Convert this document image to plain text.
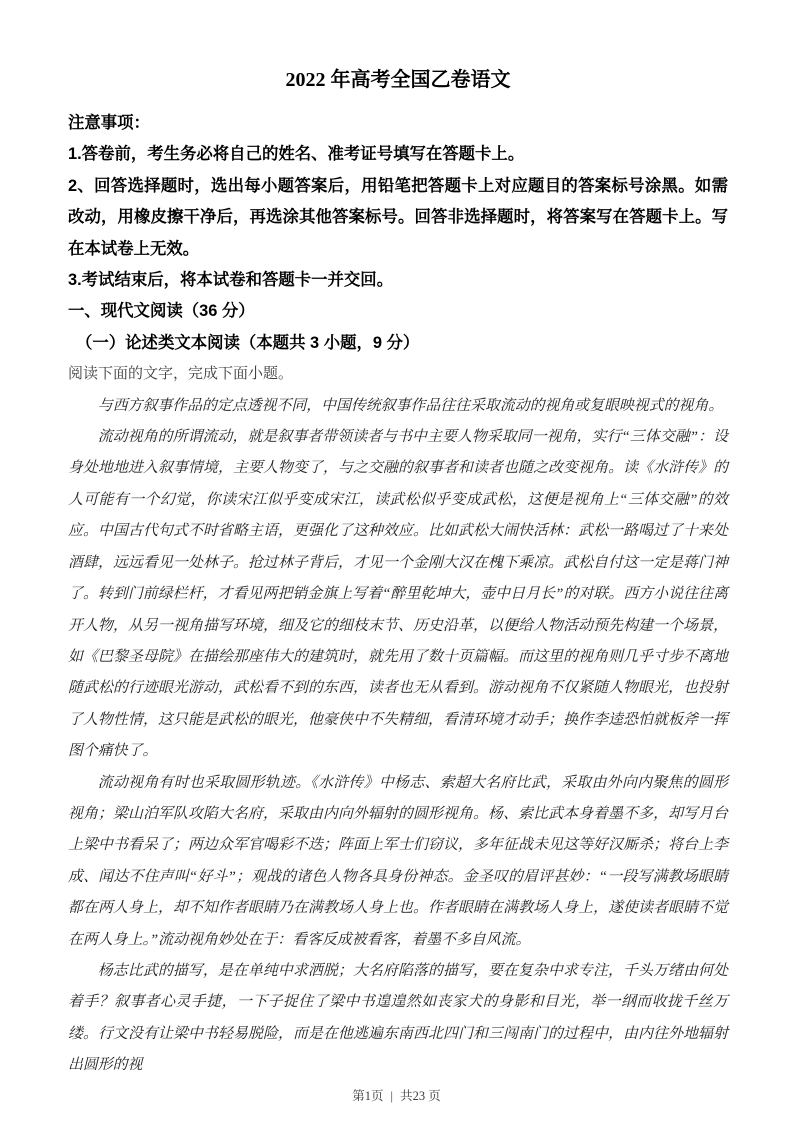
2022 年高考全国乙卷语文

注意事项：

1.答卷前，考生务必将自己的姓名、准考证号填写在答题卡上。

2、回答选择题时，选出每小题答案后，用铅笔把答题卡上对应题目的答案标号涂黑。如需改动，用橡皮擦干净后，再选涂其他答案标号。回答非选择题时，将答案写在答题卡上。写在本试卷上无效。

3.考试结束后，将本试卷和答题卡一并交回。

一、现代文阅读（36 分）

（一）论述类文本阅读（本题共 3 小题，9 分）

阅读下面的文字，完成下面小题。

与西方叙事作品的定点透视不同，中国传统叙事作品往往采取流动的视角或复眼映视式的视角。

流动视角的所谓流动，就是叙事者带领读者与书中主要人物采取同一视角，实行“三体交融”：设身处地地进入叙事情境，主要人物变了，与之交融的叙事者和读者也随之改变视角。读《水浒传》的人可能有一个幻觉，你读宋江似乎变成宋江，读武松似乎变成武松，这便是视角上“三体交融”的效应。中国古代句式不时省略主语，更强化了这种效应。比如武松大闹快活林：武松一路喝过了十来处酒肆，远远看见一处林子。抢过林子背后，才见一个金刚大汉在槐下乘凉。武松自付这一定是蒋门神了。转到门前绿栏杆，才看见两把销金旗上写着“醉里乾坤大，壶中日月长”的对联。西方小说往往离开人物，从另一视角描写环境，细及它的细枝末节、历史沿革，以便给人物活动预先构建一个场景，如《巴黎圣母院》在描绘那座伟大的建筑时，就先用了数十页篇幅。而这里的视角则几乎寸步不离地随武松的行迹眼光游动，武松看不到的东西，读者也无从看到。游动视角不仅紧随人物眼光，也投射了人物性情，这只能是武松的眼光，他豪侠中不失精细，看清环境才动手；换作李逵恐怕就板斧一挥图个痛快了。

流动视角有时也采取圆形轨迹。《水浒传》中杨志、索超大名府比武，采取由外向内聚焦的圆形视角；梁山泊军队攻陷大名府，采取由内向外辐射的圆形视角。杨、索比武本身着墨不多，却写月台上梁中书看呆了；两边众军官喝彩不迭；阵面上军士们窃议，多年征战未见这等好汉厮杀；将台上李成、闻达不住声叫“好斗”；观战的诸色人物各具身份神态。金圣叹的眉评甚妙：“一段写满教场眼睛都在两人身上，却不知作者眼睛乃在满教场人身上也。作者眼睛在满教场人身上，遂使读者眼睛不觉在两人身上。”流动视角妙处在于：看客反成被看客，着墨不多自风流。

杨志比武的描写，是在单纯中求洒脱；大名府陷落的描写，要在复杂中求专注，千头万绪由何处着手？叙事者心灵手捷，一下子捉住了梁中书遑遑然如丧家犬的身影和目光，举一纲而收拢千丝万缕。行文没有让梁中书轻易脱险，而是在他逃遍东南西北四门和三闯南门的过程中，由内往外地辐射出圆形的视

第1页 | 共23 页
